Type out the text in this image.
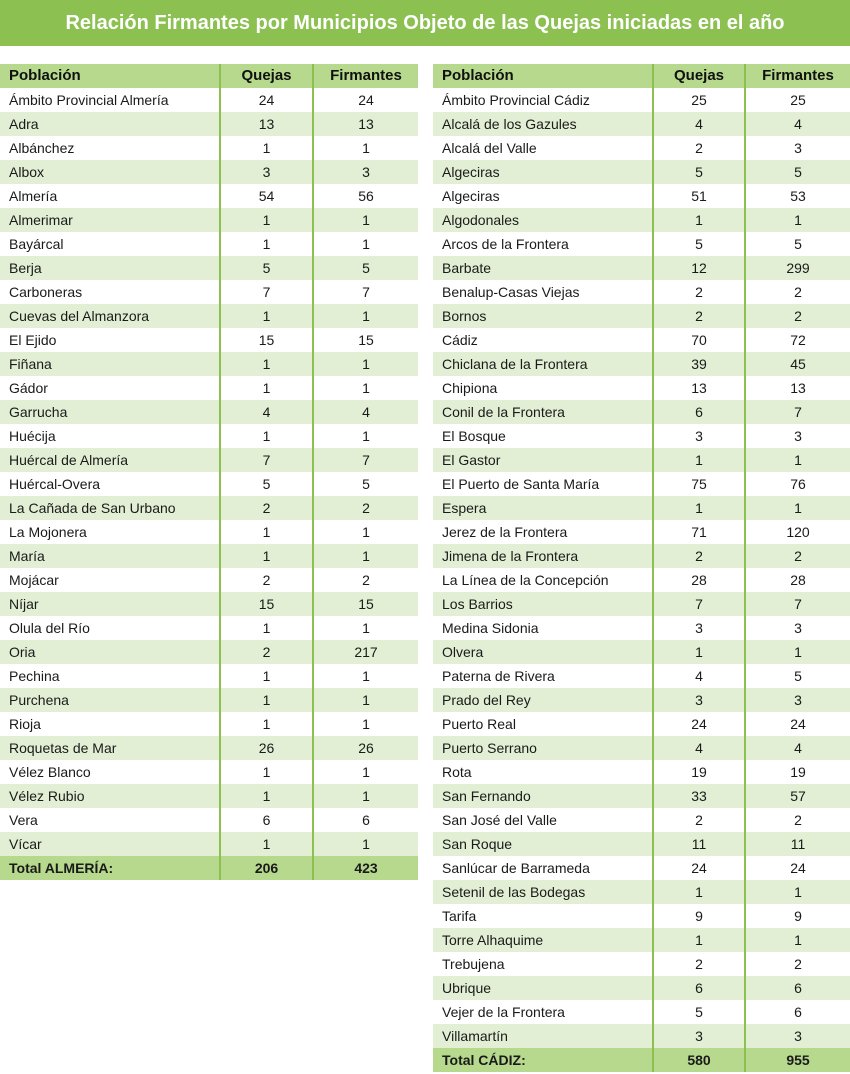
Relación Firmantes por Municipios Objeto de las Quejas iniciadas en el año
Población	Quejas	Firmantes
Ámbito Provincial Almería	24	24
Adra	13	13
Albánchez	1	1
Albox	3	3
Almería	54	56
Almerimar	1	1
Bayárcal	1	1
Berja	5	5
Carboneras	7	7
Cuevas del Almanzora	1	1
El Ejido	15	15
Fiñana	1	1
Gádor	1	1
Garrucha	4	4
Huécija	1	1
Huércal de Almería	7	7
Huércal-Overa	5	5
La Cañada de San Urbano	2	2
La Mojonera	1	1
María	1	1
Mojácar	2	2
Níjar	15	15
Olula del Río	1	1
Oria	2	217
Pechina	1	1
Purchena	1	1
Rioja	1	1
Roquetas de Mar	26	26
Vélez Blanco	1	1
Vélez Rubio	1	1
Vera	6	6
Vícar	1	1
Total ALMERÍA:	206	423
Población	Quejas	Firmantes
Ámbito Provincial Cádiz	25	25
Alcalá de los Gazules	4	4
Alcalá del Valle	2	3
Algeciras	5	5
Algeciras	51	53
Algodonales	1	1
Arcos de la Frontera	5	5
Barbate	12	299
Benalup-Casas Viejas	2	2
Bornos	2	2
Cádiz	70	72
Chiclana de la Frontera	39	45
Chipiona	13	13
Conil de la Frontera	6	7
El Bosque	3	3
El Gastor	1	1
El Puerto de Santa María	75	76
Espera	1	1
Jerez de la Frontera	71	120
Jimena de la Frontera	2	2
La Línea de la Concepción	28	28
Los Barrios	7	7
Medina Sidonia	3	3
Olvera	1	1
Paterna de Rivera	4	5
Prado del Rey	3	3
Puerto Real	24	24
Puerto Serrano	4	4
Rota	19	19
San Fernando	33	57
San José del Valle	2	2
San Roque	11	11
Sanlúcar de Barrameda	24	24
Setenil de las Bodegas	1	1
Tarifa	9	9
Torre Alhaquime	1	1
Trebujena	2	2
Ubrique	6	6
Vejer de la Frontera	5	6
Villamartín	3	3
Total CÁDIZ:	580	955
